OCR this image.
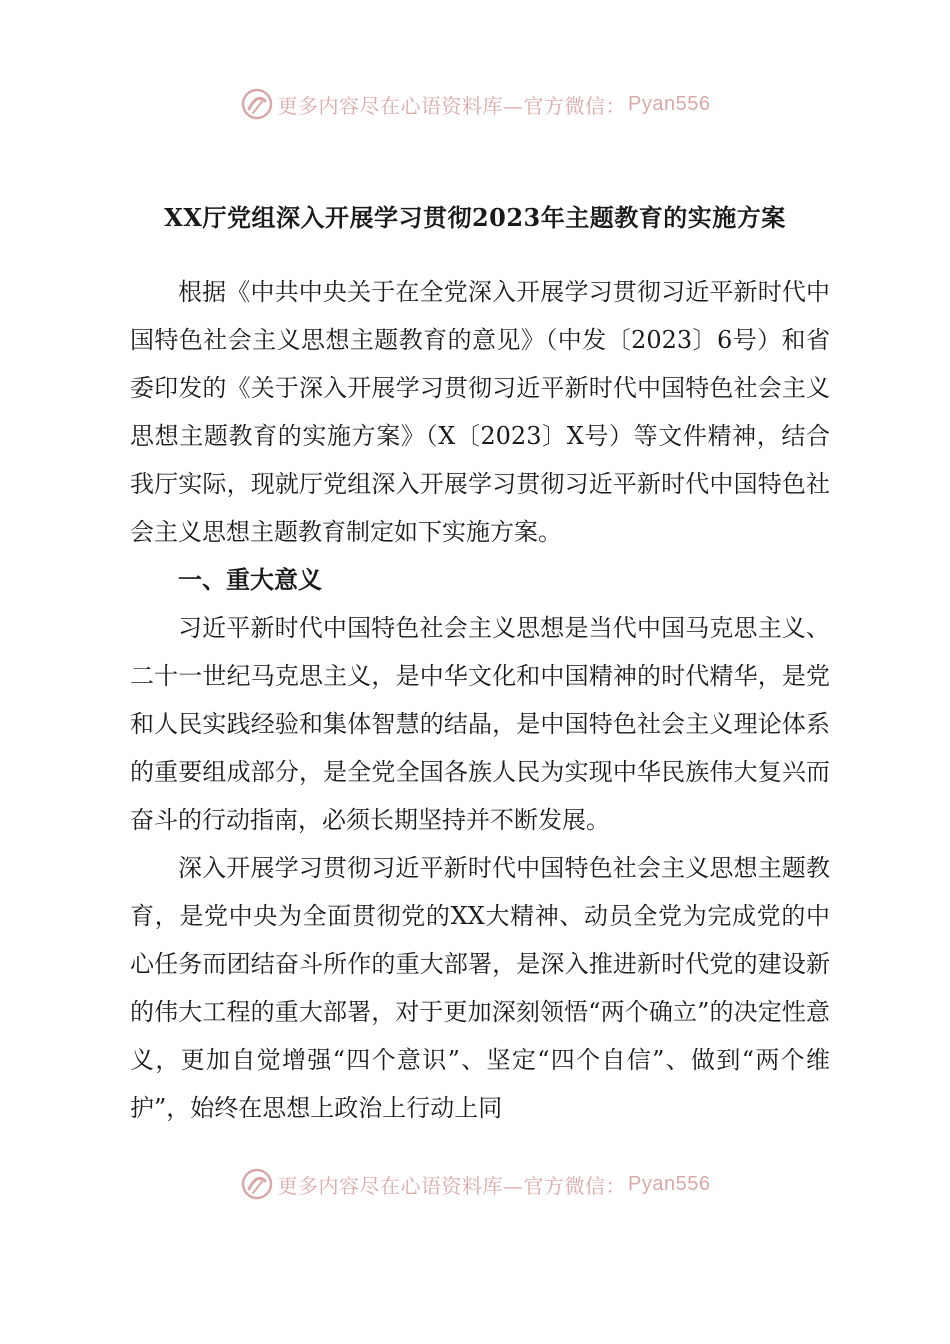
更多内容尽在心语资料库—官方微信： Pyan556
XX厅党组深入开展学习贯彻2023年主题教育的实施方案

根据《中共中央关于在全党深入开展学习贯彻习近平新时代中国特色社会主义思想主题教育的意见》（中发〔2023〕6号）和省委印发的《关于深入开展学习贯彻习近平新时代中国特色社会主义思想主题教育的实施方案》（X〔2023〕X号）等文件精神，结合我厅实际，现就厅党组深入开展学习贯彻习近平新时代中国特色社会主义思想主题教育制定如下实施方案。

一、重大意义

习近平新时代中国特色社会主义思想是当代中国马克思主义、二十一世纪马克思主义，是中华文化和中国精神的时代精华，是党和人民实践经验和集体智慧的结晶，是中国特色社会主义理论体系的重要组成部分，是全党全国各族人民为实现中华民族伟大复兴而奋斗的行动指南，必须长期坚持并不断发展。

深入开展学习贯彻习近平新时代中国特色社会主义思想主题教育，是党中央为全面贯彻党的XX大精神、动员全党为完成党的中心任务而团结奋斗所作的重大部署，是深入推进新时代党的建设新的伟大工程的重大部署，对于更加深刻领悟“两个确立”的决定性意义，更加自觉增强“四个意识”、坚定“四个自信”、做到“两个维护”，始终在思想上政治上行动上同

更多内容尽在心语资料库—官方微信： Pyan556
